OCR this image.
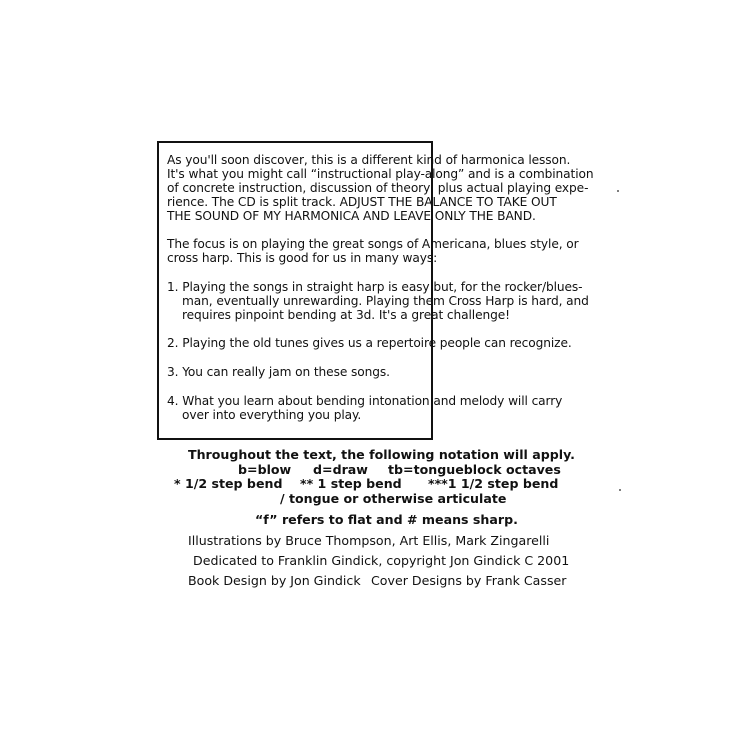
As you'll soon discover, this is a different kind of harmonica lesson.
It's what you might call “instructional play-along” and is a combination
of concrete instruction, discussion of theory, plus actual playing expe-
rience. The CD is split track. ADJUST THE BALANCE TO TAKE OUT
THE SOUND OF MY HARMONICA AND LEAVE ONLY THE BAND.
The focus is on playing the great songs of Americana, blues style, or
cross harp. This is good for us in many ways:
1. Playing the songs in straight harp is easy but, for the rocker/blues-
man, eventually unrewarding. Playing them Cross Harp is hard, and
requires pinpoint bending at 3d. It's a great challenge!
2. Playing the old tunes gives us a repertoire people can recognize.
3. You can really jam on these songs.
4. What you learn about bending intonation and melody will carry
over into everything you play.
Throughout the text, the following notation will apply.
b=blow d=draw tb=tongueblock octaves
* 1/2 step bend ** 1 step bend ***1 1/2 step bend
/ tongue or otherwise articulate
“f” refers to flat and # means sharp.
Illustrations by Bruce Thompson, Art Ellis, Mark Zingarelli
Dedicated to Franklin Gindick, copyright Jon Gindick C 2001
Book Design by Jon Gindick Cover Designs by Frank Casser
